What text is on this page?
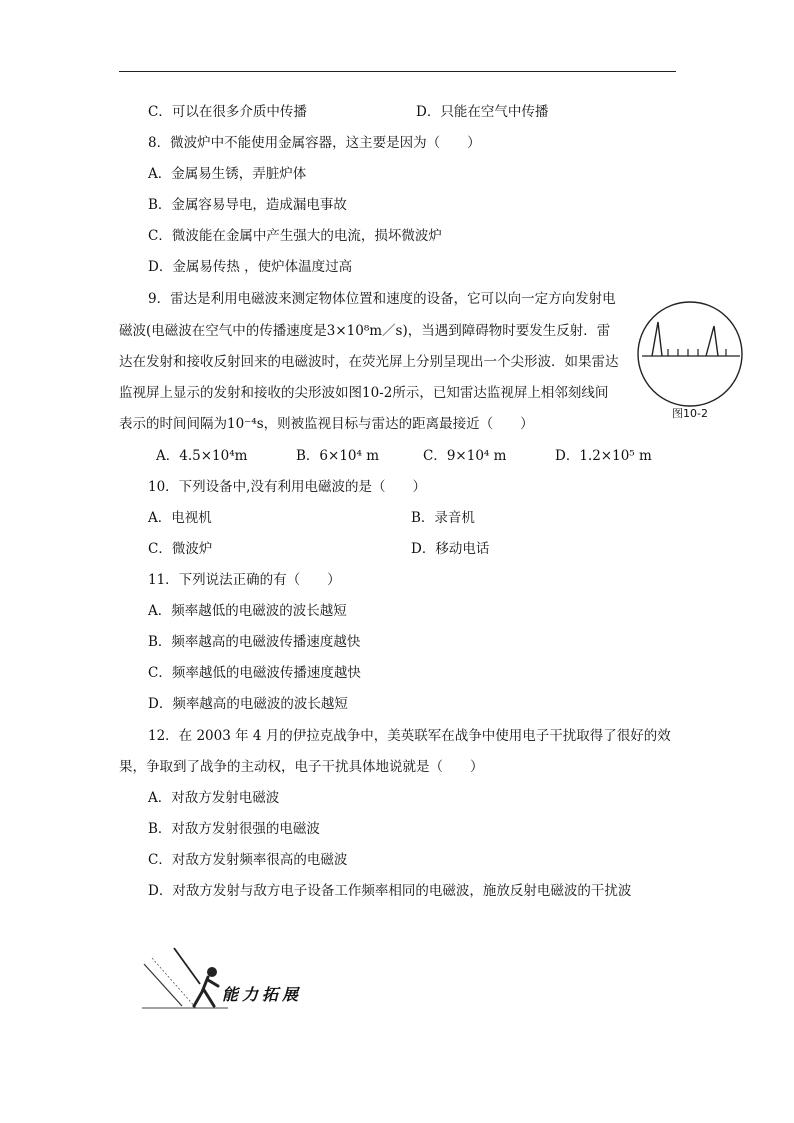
C．可以在很多介质中传播	D．只能在空气中传播
8．微波炉中不能使用金属容器，这主要是因为（　　）
A．金属易生锈，弄脏炉体
B．金属容易导电，造成漏电事故
C．微波能在金属中产生强大的电流，损坏微波炉
D．金属易传热 ，使炉体温度过高
9．雷达是利用电磁波来测定物体位置和速度的设备，它可以向一定方向发射电
磁波(电磁波在空气中的传播速度是3×10⁸m／s)，当遇到障碍物时要发生反射．雷
达在发射和接收反射回来的电磁波时，在荧光屏上分别呈现出一个尖形波．如果雷达
监视屏上显示的发射和接收的尖形波如图10-2所示，已知雷达监视屏上相邻刻线间
表示的时间间隔为10⁻⁴s，则被监视目标与雷达的距离最接近（　　）
图10-2
A．4.5×10⁴m	B．6×10⁴ m	C．9×10⁴ m	D．1.2×10⁵ m
10．下列设备中,没有利用电磁波的是（　　）
A．电视机	B．录音机
C．微波炉	D．移动电话
11．下列说法正确的有（　　）
A．频率越低的电磁波的波长越短
B．频率越高的电磁波传播速度越快
C．频率越低的电磁波传播速度越快
D．频率越高的电磁波的波长越短
12．在 2003 年 4 月的伊拉克战争中，美英联军在战争中使用电子干扰取得了很好的效
果，争取到了战争的主动权，电子干扰具体地说就是（　　）
A．对敌方发射电磁波
B．对敌方发射很强的电磁波
C．对敌方发射频率很高的电磁波
D．对敌方发射与敌方电子设备工作频率相同的电磁波，施放反射电磁波的干扰波
能力拓展
